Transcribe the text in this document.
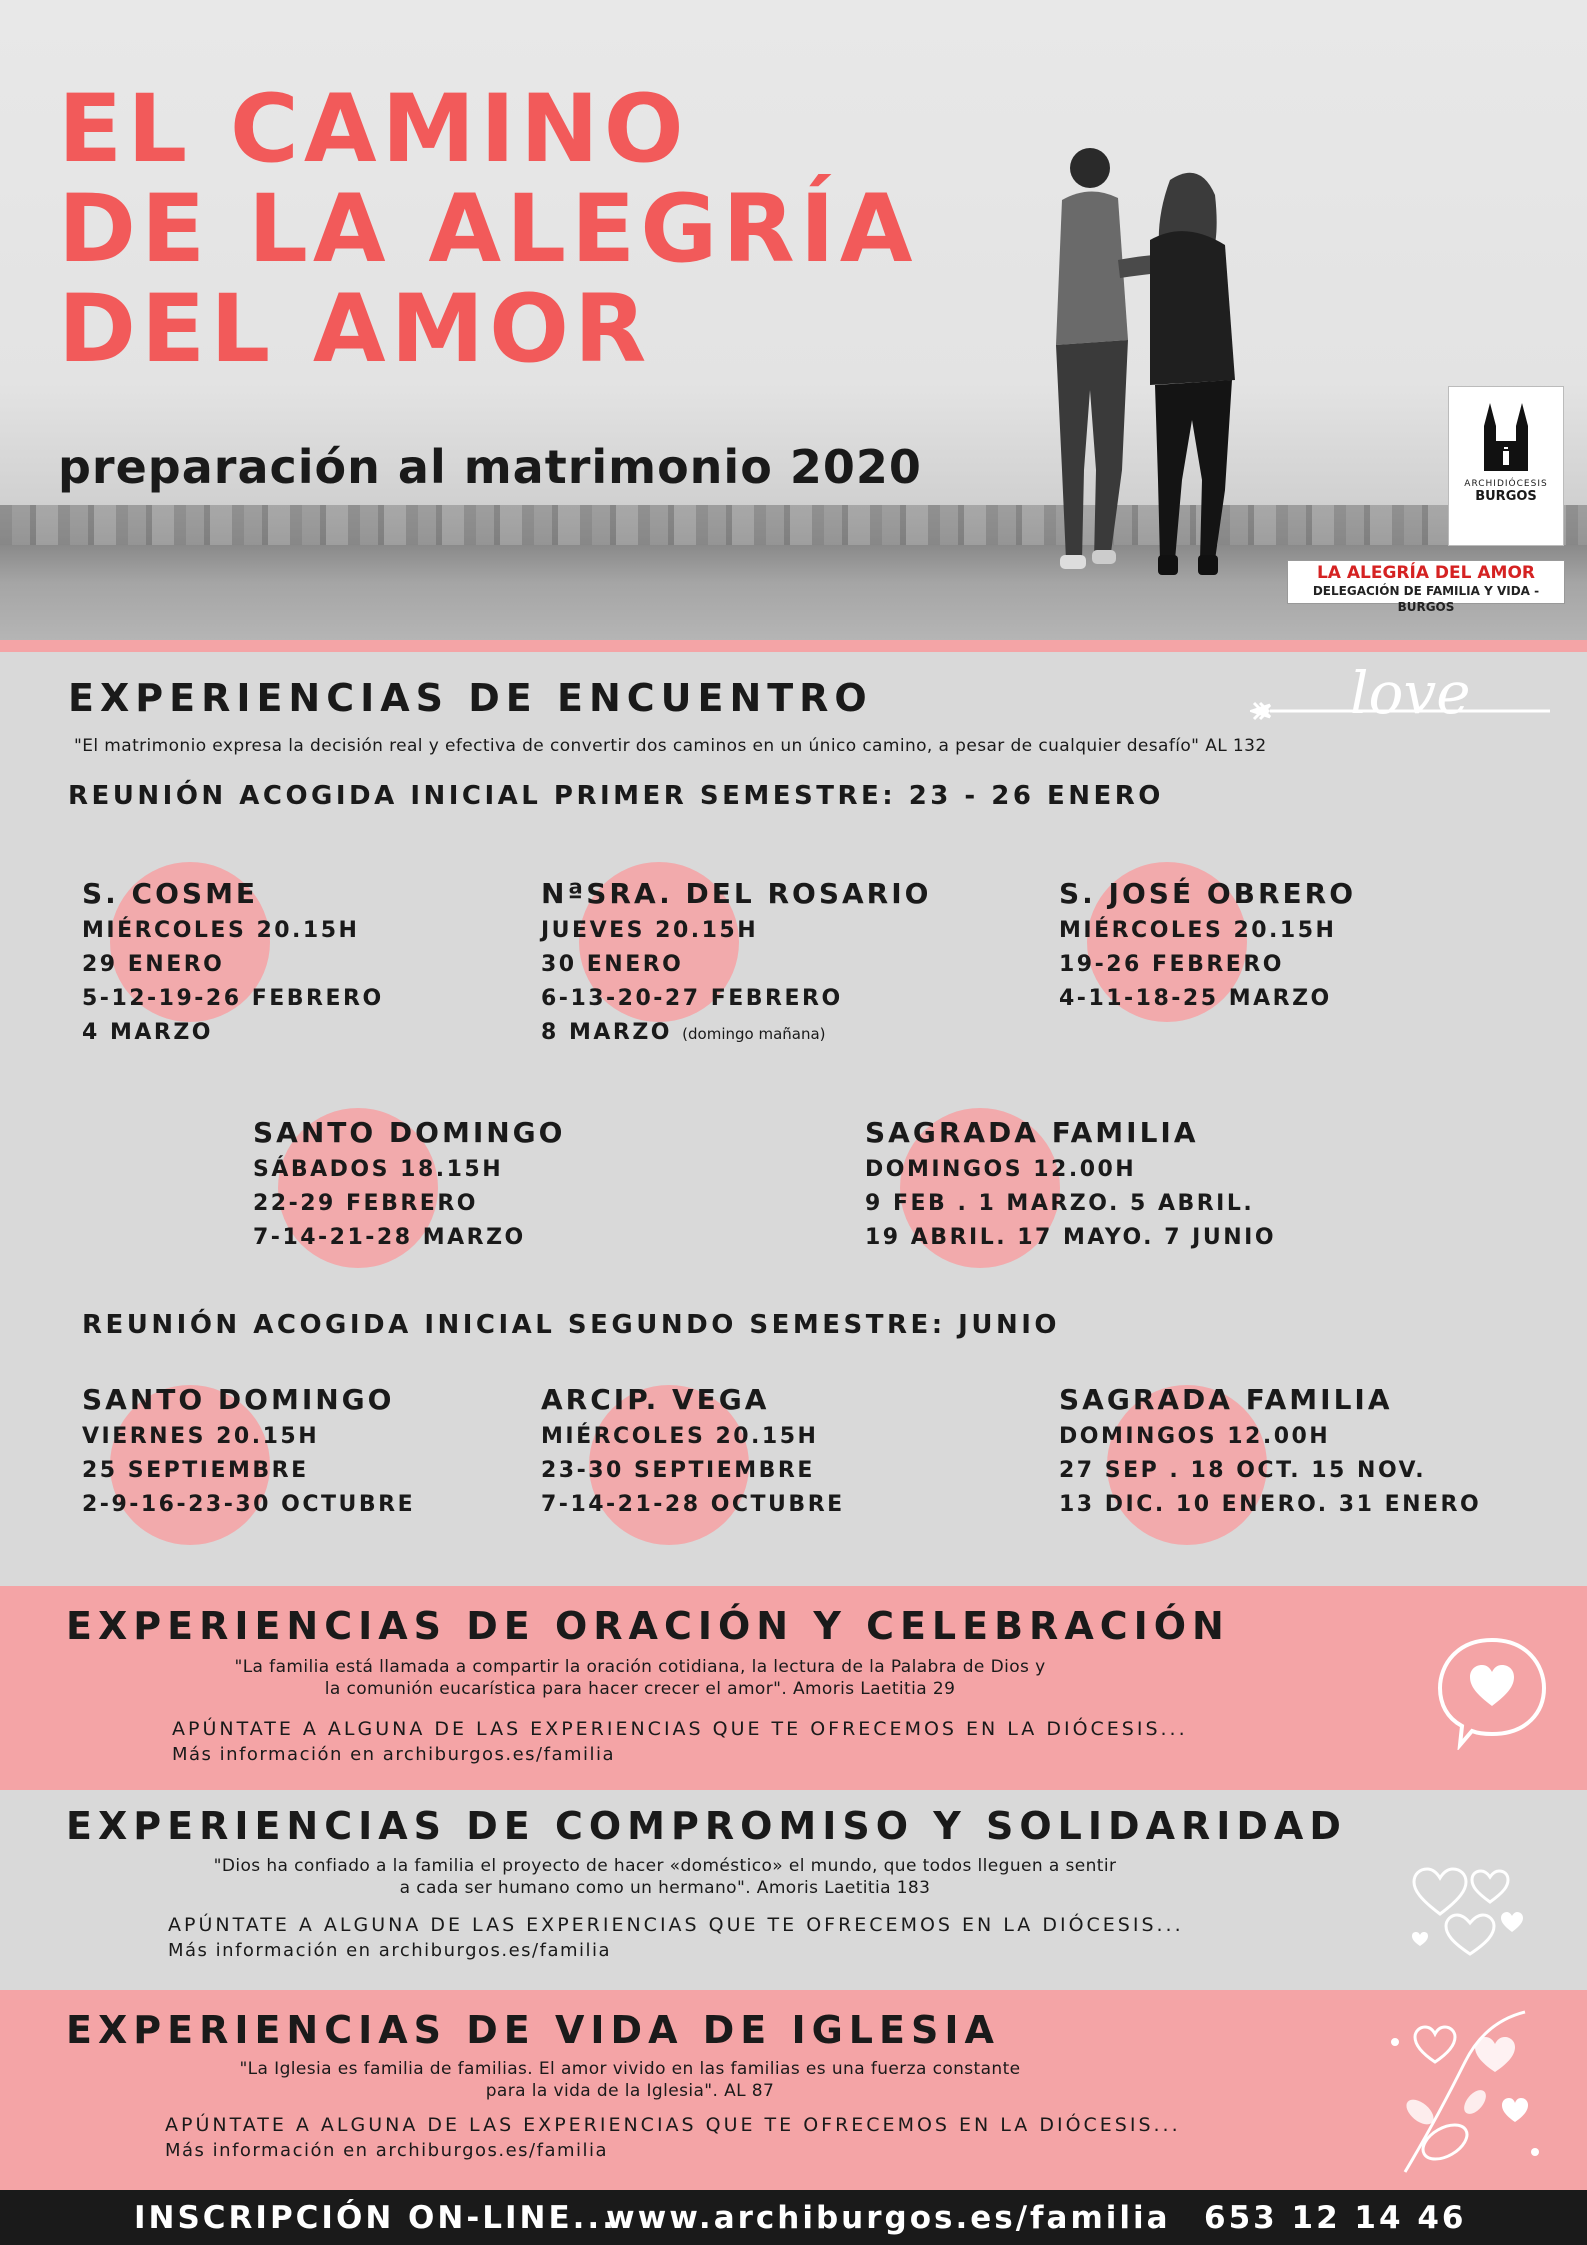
EL CAMINO
DE LA ALEGRÍA
DEL AMOR
preparación al matrimonio 2020	ARCHIDIÓCESIS
BURGOS
LA ALEGRÍA DEL AMOR
DELEGACIÓN DE FAMILIA Y VIDA - BURGOS
EXPERIENCIAS DE ENCUENTRO	love
"El matrimonio expresa la decisión real y efectiva de convertir dos caminos en un único camino, a pesar de cualquier desafío" AL 132
REUNIÓN ACOGIDA INICIAL PRIMER SEMESTRE: 23 - 26 ENERO
S. COSME
MIÉRCOLES 20.15H
29 ENERO
5-12-19-26 FEBRERO
4 MARZO
NªSRA. DEL ROSARIO
JUEVES 20.15H
30 ENERO
6-13-20-27 FEBRERO
8 MARZO (domingo mañana)
S. JOSÉ OBRERO
MIÉRCOLES 20.15H
19-26 FEBRERO
4-11-18-25 MARZO
SANTO DOMINGO
SÁBADOS 18.15H
22-29 FEBRERO
7-14-21-28 MARZO
SAGRADA FAMILIA
DOMINGOS 12.00H
9 FEB . 1 MARZO. 5 ABRIL.
19 ABRIL. 17 MAYO. 7 JUNIO
REUNIÓN ACOGIDA INICIAL SEGUNDO SEMESTRE: JUNIO
SANTO DOMINGO
VIERNES 20.15H
25 SEPTIEMBRE
2-9-16-23-30 OCTUBRE
ARCIP. VEGA
MIÉRCOLES 20.15H
23-30 SEPTIEMBRE
7-14-21-28 OCTUBRE
SAGRADA FAMILIA
DOMINGOS 12.00H
27 SEP . 18 OCT. 15 NOV.
13 DIC. 10 ENERO. 31 ENERO
EXPERIENCIAS DE ORACIÓN Y CELEBRACIÓN
"La familia está llamada a compartir la oración cotidiana, la lectura de la Palabra de Dios y
la comunión eucarística para hacer crecer el amor". Amoris Laetitia 29
APÚNTATE A ALGUNA DE LAS EXPERIENCIAS QUE TE OFRECEMOS EN LA DIÓCESIS...
Más información en archiburgos.es/familia
EXPERIENCIAS DE COMPROMISO Y SOLIDARIDAD
"Dios ha confiado a la familia el proyecto de hacer «doméstico» el mundo, que todos lleguen a sentir
a cada ser humano como un hermano". Amoris Laetitia 183
APÚNTATE A ALGUNA DE LAS EXPERIENCIAS QUE TE OFRECEMOS EN LA DIÓCESIS...
Más información en archiburgos.es/familia
EXPERIENCIAS DE VIDA DE IGLESIA
"La Iglesia es familia de familias. El amor vivido en las familias es una fuerza constante
para la vida de la Iglesia". AL 87
APÚNTATE A ALGUNA DE LAS EXPERIENCIAS QUE TE OFRECEMOS EN LA DIÓCESIS...
Más información en archiburgos.es/familia
INSCRIPCIÓN ON-LINE...
www.archiburgos.es/familia 653 12 14 46
